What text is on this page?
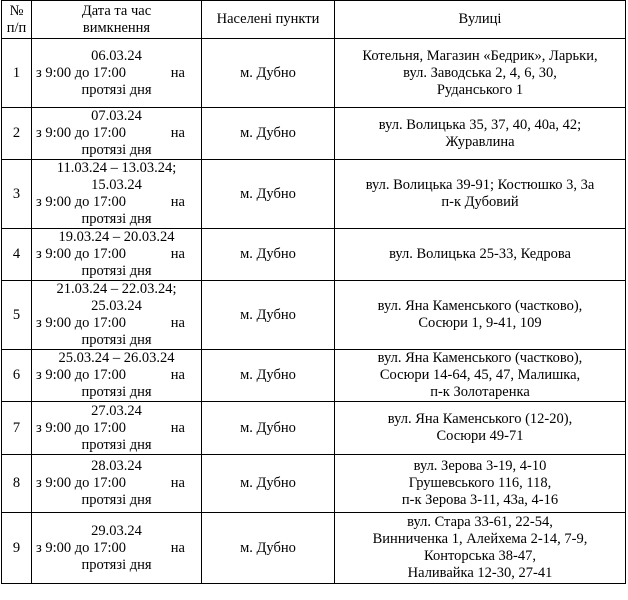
№
п/п	Дата та час
вимкнення	Населені пункти	Вулиці
1	06.03.24
з 9:00 до 17:00 на
протязі дня	м. Дубно	Котельня, Магазин «Бедрик», Ларьки,
вул. Заводська 2, 4, 6, 30,
Руданського 1

2	07.03.24
з 9:00 до 17:00 на
протязі дня	м. Дубно	вул. Волицька 35, 37, 40, 40а, 42;
Журавлина

3	11.03.24 – 13.03.24;
15.03.24
з 9:00 до 17:00 на
протязі дня	м. Дубно	вул. Волицька 39-91; Костюшко 3, 3а
п-к Дубовий

4	19.03.24 – 20.03.24
з 9:00 до 17:00 на
протязі дня	м. Дубно	вул. Волицька 25-33, Кедрова

5	21.03.24 – 22.03.24;
25.03.24
з 9:00 до 17:00 на
протязі дня	м. Дубно	вул. Яна Каменського (частково),
Сосюри 1, 9-41, 109

6	25.03.24 – 26.03.24
з 9:00 до 17:00 на
протязі дня	м. Дубно	вул. Яна Каменського (частково),
Сосюри 14-64, 45, 47, Малишка,
п-к Золотаренка

7	27.03.24
з 9:00 до 17:00 на
протязі дня	м. Дубно	вул. Яна Каменського (12-20),
Сосюри 49-71

8	28.03.24
з 9:00 до 17:00 на
протязі дня	м. Дубно	вул. Зерова 3-19, 4-10
Грушевського 116, 118,
п-к Зерова 3-11, 43а, 4-16

9	29.03.24
з 9:00 до 17:00 на
протязі дня	м. Дубно	вул. Стара 33-61, 22-54,
Винниченка 1, Алейхема 2-14, 7-9,
Конторська 38-47,
Наливайка 12-30, 27-41
